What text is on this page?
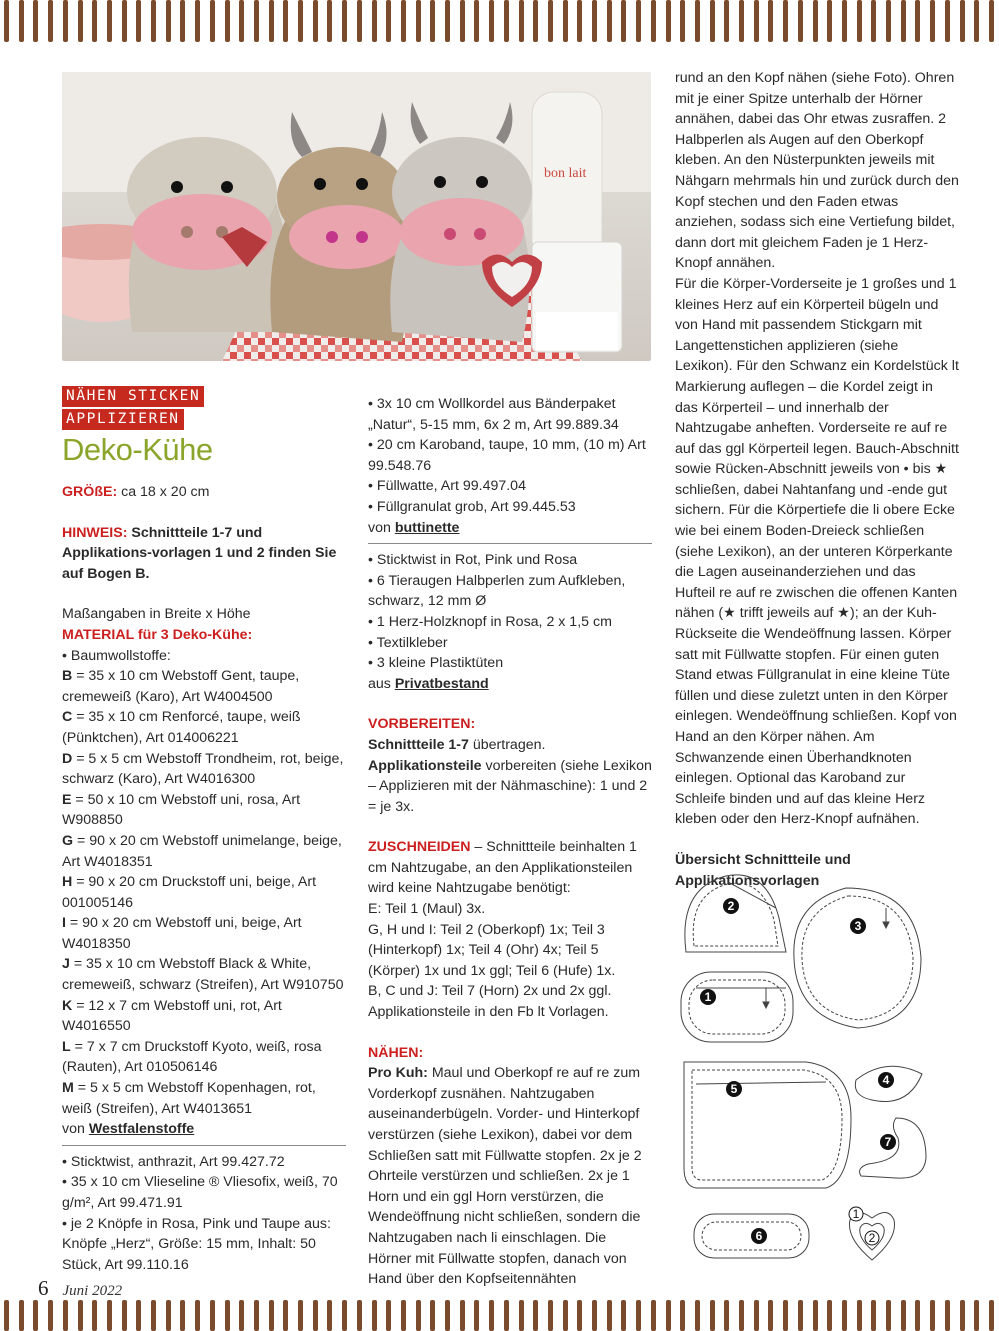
bon lait
NÄHEN STICKEN
APPLIZIEREN
Deko-Kühe

GRÖßE: ca 18 x 20 cm

HINWEIS: Schnittteile 1-7 und Applikations-vorlagen 1 und 2 finden Sie auf Bogen B.

Maßangaben in Breite x Höhe

MATERIAL für 3 Deko-Kühe:

• Baumwollstoffe:

B = 35 x 10 cm Webstoff Gent, taupe, cremeweiß (Karo), Art W4004500

C = 35 x 10 cm Renforcé, taupe, weiß (Pünktchen), Art 014006221

D = 5 x 5 cm Webstoff Trondheim, rot, beige, schwarz (Karo), Art W4016300

E = 50 x 10 cm Webstoff uni, rosa, Art W908850

G = 90 x 20 cm Webstoff unimelange, beige, Art W4018351

H = 90 x 20 cm Druckstoff uni, beige, Art 001005146

I = 90 x 20 cm Webstoff uni, beige, Art W4018350

J = 35 x 10 cm Webstoff Black & White, cremeweiß, schwarz (Streifen), Art W910750

K = 12 x 7 cm Webstoff uni, rot, Art W4016550

L = 7 x 7 cm Druckstoff Kyoto, weiß, rosa (Rauten), Art 010506146

M = 5 x 5 cm Webstoff Kopenhagen, rot, weiß (Streifen), Art W4013651

von Westfalenstoffe

• Sticktwist, anthrazit, Art 99.427.72

• 35 x 10 cm Vlieseline ® Vliesofix, weiß, 70 g/m², Art 99.471.91

• je 2 Knöpfe in Rosa, Pink und Taupe aus: Knöpfe „Herz“, Größe: 15 mm, Inhalt: 50 Stück, Art 99.110.16

• 3x 10 cm Wollkordel aus Bänderpaket „Natur“, 5-15 mm, 6x 2 m, Art 99.889.34

• 20 cm Karoband, taupe, 10 mm, (10 m) Art 99.548.76

• Füllwatte, Art 99.497.04

• Füllgranulat grob, Art 99.445.53

von buttinette

• Sticktwist in Rot, Pink und Rosa

• 6 Tieraugen Halbperlen zum Aufkleben, schwarz, 12 mm Ø

• 1 Herz-Holzknopf in Rosa, 2 x 1,5 cm

• Textilkleber

• 3 kleine Plastiktüten

aus Privatbestand

VORBEREITEN:

Schnittteile 1-7 übertragen.

Applikationsteile vorbereiten (siehe Lexikon – Applizieren mit der Nähmaschine): 1 und 2 = je 3x.

ZUSCHNEIDEN – Schnittteile beinhalten 1 cm Nahtzugabe, an den Applikationsteilen wird keine Nahtzugabe benötigt:

E: Teil 1 (Maul) 3x.

G, H und I: Teil 2 (Oberkopf) 1x; Teil 3 (Hinterkopf) 1x; Teil 4 (Ohr) 4x; Teil 5 (Körper) 1x und 1x ggl; Teil 6 (Hufe) 1x.

B, C und J: Teil 7 (Horn) 2x und 2x ggl. Applikationsteile in den Fb lt Vorlagen.

NÄHEN:

Pro Kuh: Maul und Oberkopf re auf re zum Vorderkopf zusnähen. Nahtzugaben auseinanderbügeln. Vorder- und Hinterkopf verstürzen (siehe Lexikon), dabei vor dem Schließen satt mit Füllwatte stopfen. 2x je 2 Ohrteile verstürzen und schließen. 2x je 1 Horn und ein ggl Horn verstürzen, die Wendeöffnung nicht schließen, sondern die Nahtzugaben nach li einschlagen. Die Hörner mit Füllwatte stopfen, danach von Hand über den Kopfseitennähten

rund an den Kopf nähen (siehe Foto). Ohren mit je einer Spitze unterhalb der Hörner annähen, dabei das Ohr etwas zusraffen. 2 Halbperlen als Augen auf den Oberkopf kleben. An den Nüsterpunkten jeweils mit Nähgarn mehrmals hin und zurück durch den Kopf stechen und den Faden etwas anziehen, sodass sich eine Vertiefung bildet, dann dort mit gleichem Faden je 1 Herz-Knopf annähen.

Für die Körper-Vorderseite je 1 großes und 1 kleines Herz auf ein Körperteil bügeln und von Hand mit passendem Stickgarn mit Langettenstichen applizieren (siehe Lexikon). Für den Schwanz ein Kordelstück lt Markierung auflegen – die Kordel zeigt in das Körperteil – und innerhalb der Nahtzugabe anheften. Vorderseite re auf re auf das ggl Körperteil legen. Bauch-Abschnitt sowie Rücken-Abschnitt jeweils von • bis ★ schließen, dabei Nahtanfang und -ende gut sichern. Für die Körpertiefe die li obere Ecke wie bei einem Boden-Dreieck schließen (siehe Lexikon), an der unteren Körperkante die Lagen auseinanderziehen und das Hufteil re auf re zwischen die offenen Kanten nähen (★ trifft jeweils auf ★); an der Kuh-Rückseite die Wendeöffnung lassen. Körper satt mit Füllwatte stopfen. Für einen guten Stand etwas Füllgranulat in eine kleine Tüte füllen und diese zuletzt unten in den Körper einlegen. Wendeöffnung schließen. Kopf von Hand an den Körper nähen. Am Schwanzende einen Überhandknoten einlegen. Optional das Karoband zur Schleife binden und auf das kleine Herz kleben oder den Herz-Knopf aufnähen.

Übersicht Schnittteile und Applikationsvorlagen

2
3
1
4
5
6
7
1
2
6 Juni 2022
